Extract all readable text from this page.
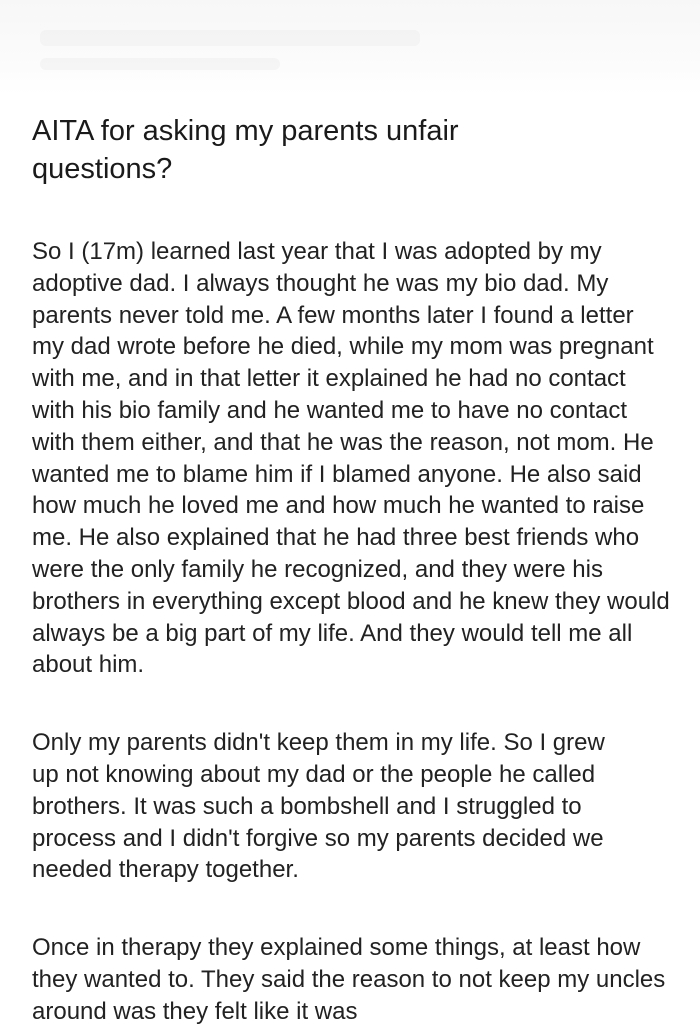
AITA for asking my parents unfair questions?

So I (17m) learned last year that I was adopted by my adoptive dad. I always thought he was my bio dad. My parents never told me. A few months later I found a letter my dad wrote before he died, while my mom was pregnant with me, and in that letter it explained he had no contact with his bio family and he wanted me to have no contact with them either, and that he was the reason, not mom. He wanted me to blame him if I blamed anyone. He also said how much he loved me and how much he wanted to raise me. He also explained that he had three best friends who were the only family he recognized, and they were his brothers in everything except blood and he knew they would always be a big part of my life. And they would tell me all about him.

Only my parents didn't keep them in my life. So I grew up not knowing about my dad or the people he called brothers. It was such a bombshell and I struggled to process and I didn't forgive so my parents decided we needed therapy together.

Once in therapy they explained some things, at least how they wanted to. They said the reason to not keep my uncles around was they felt like it was
